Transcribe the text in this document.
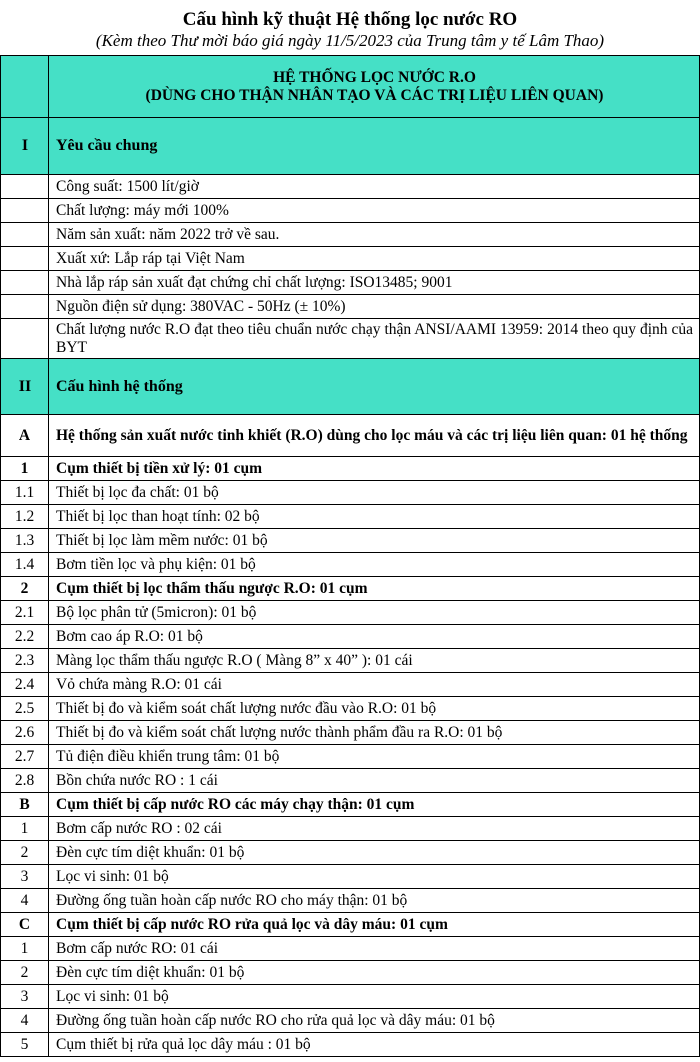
Cấu hình kỹ thuật Hệ thống lọc nước RO
(Kèm theo Thư mời báo giá ngày 11/5/2023 của Trung tâm y tế Lâm Thao)

	HỆ THỐNG LỌC NƯỚC R.O
(DÙNG CHO THẬN NHÂN TẠO VÀ CÁC TRỊ LIỆU LIÊN QUAN)

I	Yêu cầu chung
	Công suất: 1500 lít/giờ
	Chất lượng: máy mới 100%
	Năm sản xuất: năm 2022 trở về sau.
	Xuất xứ: Lắp ráp tại Việt Nam
	Nhà lắp ráp sản xuất đạt chứng chỉ chất lượng: ISO13485; 9001
	Nguồn điện sử dụng: 380VAC - 50Hz (± 10%)
	Chất lượng nước R.O đạt theo tiêu chuẩn nước chạy thận ANSI/AAMI 13959: 2014 theo quy định của BYT
II	Cấu hình hệ thống
A	Hệ thống sản xuất nước tinh khiết (R.O) dùng cho lọc máu và các trị liệu liên quan: 01 hệ thống
1	Cụm thiết bị tiền xử lý: 01 cụm
1.1	Thiết bị lọc đa chất: 01 bộ
1.2	Thiết bị lọc than hoạt tính: 02 bộ
1.3	Thiết bị lọc làm mềm nước: 01 bộ
1.4	Bơm tiền lọc và phụ kiện: 01 bộ
2	Cụm thiết bị lọc thẩm thấu ngược R.O: 01 cụm
2.1	Bộ lọc phân tử (5micron): 01 bộ
2.2	Bơm cao áp R.O: 01 bộ
2.3	Màng lọc thẩm thấu ngược R.O ( Màng 8” x 40” ): 01 cái
2.4	Vỏ chứa màng R.O: 01 cái
2.5	Thiết bị đo và kiểm soát chất lượng nước đầu vào R.O: 01 bộ
2.6	Thiết bị đo và kiểm soát chất lượng nước thành phẩm đầu ra R.O: 01 bộ
2.7	Tủ điện điều khiển trung tâm: 01 bộ
2.8	Bồn chứa nước RO : 1 cái
B	Cụm thiết bị cấp nước RO các máy chạy thận: 01 cụm
1	Bơm cấp nước RO : 02 cái
2	Đèn cực tím diệt khuẩn: 01 bộ
3	Lọc vi sinh: 01 bộ
4	Đường ống tuần hoàn cấp nước RO cho máy thận: 01 bộ
C	Cụm thiết bị cấp nước RO rửa quả lọc và dây máu: 01 cụm
1	Bơm cấp nước RO: 01 cái
2	Đèn cực tím diệt khuẩn: 01 bộ
3	Lọc vi sinh: 01 bộ
4	Đường ống tuần hoàn cấp nước RO cho rửa quả lọc và dây máu: 01 bộ
5	Cụm thiết bị rửa quả lọc dây máu : 01 bộ
